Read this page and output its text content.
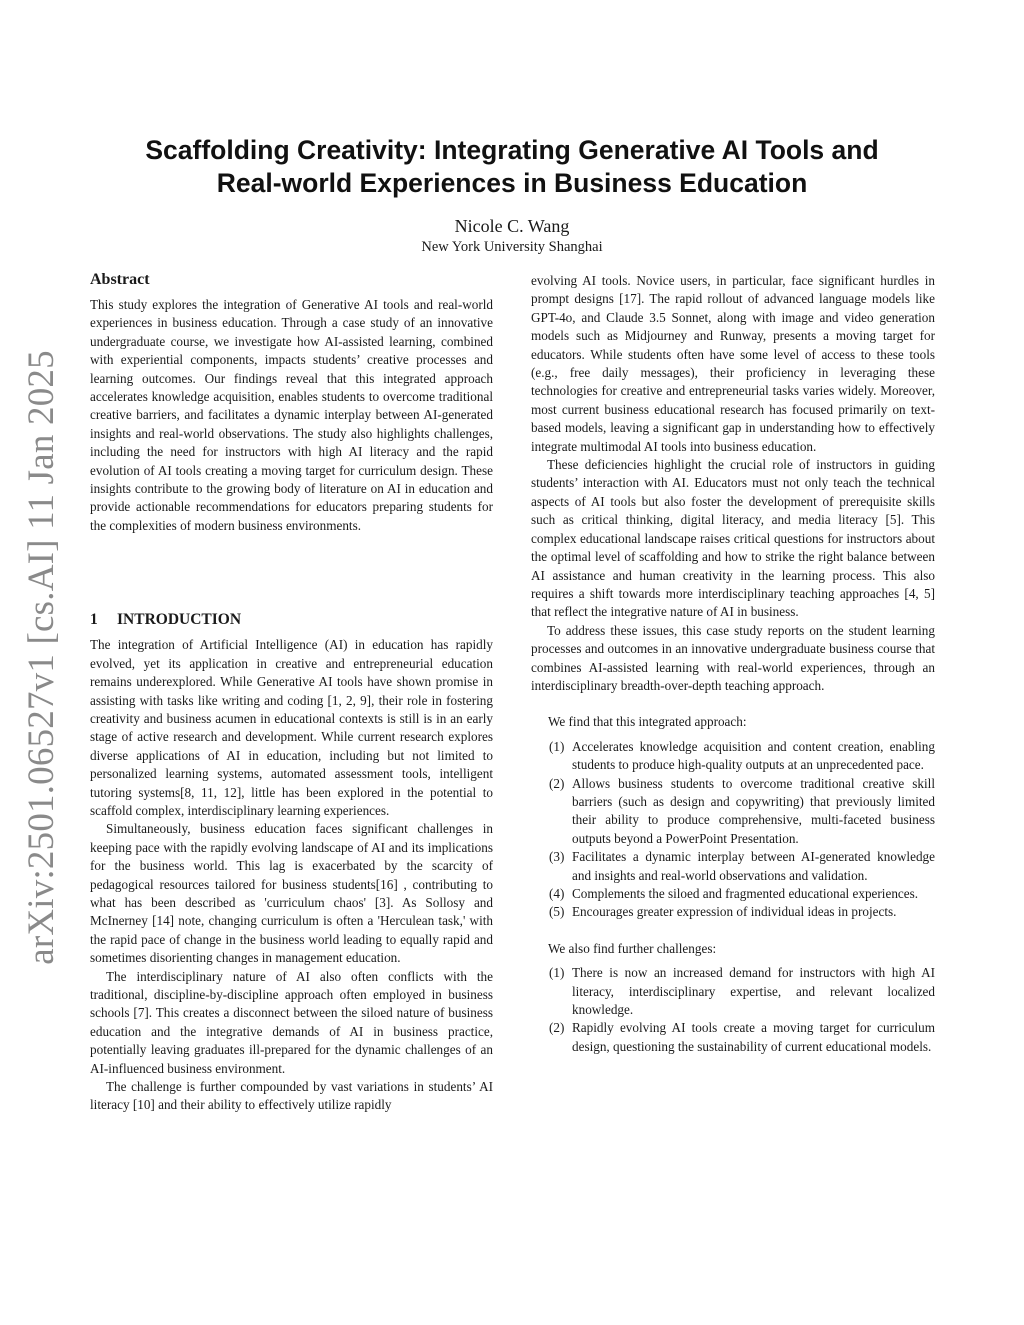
arXiv:2501.06527v1 [cs.AI] 11 Jan 2025
Scaffolding Creativity: Integrating Generative AI Tools and
Real-world Experiences in Business Education
Nicole C. Wang
New York University Shanghai
Abstract

This study explores the integration of Generative AI tools and real-world experiences in business education. Through a case study of an innovative undergraduate course, we investigate how AI-assisted learning, combined with experiential components, impacts students’ creative processes and learning outcomes. Our findings reveal that this integrated approach accelerates knowledge acquisition, enables students to overcome traditional creative barriers, and facilitates a dynamic interplay between AI-generated insights and real-world observations. The study also highlights challenges, including the need for instructors with high AI literacy and the rapid evolution of AI tools creating a moving target for curriculum design. These insights contribute to the growing body of literature on AI in education and provide actionable recommendations for educators preparing students for the complexities of modern business environments.

1 INTRODUCTION

The integration of Artificial Intelligence (AI) in education has rapidly evolved, yet its application in creative and entrepreneurial education remains underexplored. While Generative AI tools have shown promise in assisting with tasks like writing and coding [1, 2, 9], their role in fostering creativity and business acumen in educational contexts is still is in an early stage of active research and development. While current research explores diverse applications of AI in education, including but not limited to personalized learning systems, automated assessment tools, intelligent tutoring systems[8, 11, 12], little has been explored in the potential to scaffold complex, interdisciplinary learning experiences.

Simultaneously, business education faces significant challenges in keeping pace with the rapidly evolving landscape of AI and its implications for the business world. This lag is exacerbated by the scarcity of pedagogical resources tailored for business students[16] , contributing to what has been described as 'curriculum chaos' [3]. As Sollosy and McInerney [14] note, changing curriculum is often a 'Herculean task,' with the rapid pace of change in the business world leading to equally rapid and sometimes disorienting changes in management education.

The interdisciplinary nature of AI also often conflicts with the traditional, discipline-by-discipline approach often employed in business schools [7]. This creates a disconnect between the siloed nature of business education and the integrative demands of AI in business practice, potentially leaving graduates ill-prepared for the dynamic challenges of an AI-influenced business environment.

The challenge is further compounded by vast variations in students’ AI literacy [10] and their ability to effectively utilize rapidly

evolving AI tools. Novice users, in particular, face significant hurdles in prompt designs [17]. The rapid rollout of advanced language models like GPT-4o, and Claude 3.5 Sonnet, along with image and video generation models such as Midjourney and Runway, presents a moving target for educators. While students often have some level of access to these tools (e.g., free daily messages), their proficiency in leveraging these technologies for creative and entrepreneurial tasks varies widely. Moreover, most current business educational research has focused primarily on text-based models, leaving a significant gap in understanding how to effectively integrate multimodal AI tools into business education.

These deficiencies highlight the crucial role of instructors in guiding students’ interaction with AI. Educators must not only teach the technical aspects of AI tools but also foster the development of prerequisite skills such as critical thinking, digital literacy, and media literacy [5]. This complex educational landscape raises critical questions for instructors about the optimal level of scaffolding and how to strike the right balance between AI assistance and human creativity in the learning process. This also requires a shift towards more interdisciplinary teaching approaches [4, 5] that reflect the integrative nature of AI in business.

To address these issues, this case study reports on the student learning processes and outcomes in an innovative undergraduate business course that combines AI-assisted learning with real-world experiences, through an interdisciplinary breadth-over-depth teaching approach.

We find that this integrated approach:

(1) Accelerates knowledge acquisition and content creation, enabling students to produce high-quality outputs at an unprecedented pace.
(2) Allows business students to overcome traditional creative skill barriers (such as design and copywriting) that previously limited their ability to produce comprehensive, multi-faceted business outputs beyond a PowerPoint Presentation.
(3) Facilitates a dynamic interplay between AI-generated knowledge and insights and real-world observations and validation.
(4) Complements the siloed and fragmented educational experiences.
(5) Encourages greater expression of individual ideas in projects.

We also find further challenges:

(1) There is now an increased demand for instructors with high AI literacy, interdisciplinary expertise, and relevant localized knowledge.
(2) Rapidly evolving AI tools create a moving target for curriculum design, questioning the sustainability of current educational models.
